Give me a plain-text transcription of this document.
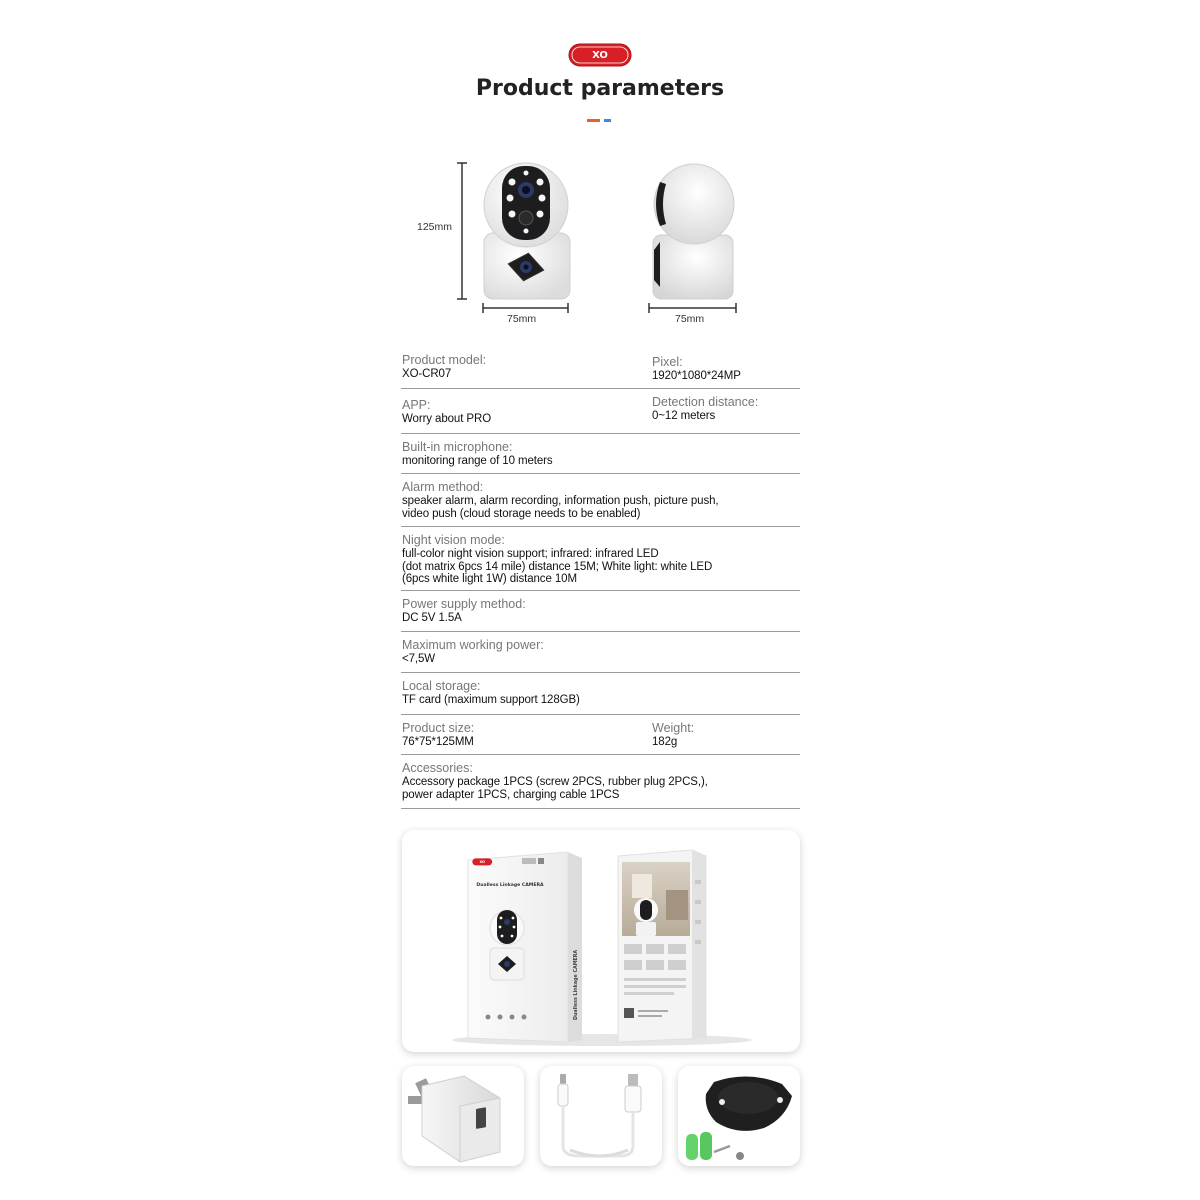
XO
Product parameters
125mm
75mm	75mm
Product model:
XO-CR07
Pixel:
1920*1080*24MP
APP:
Worry about PRO
Detection distance:
0~12 meters
Built-in microphone:
monitoring range of 10 meters
Alarm method:
speaker alarm, alarm recording, information push, picture push,
video push (cloud storage needs to be enabled)
Night vision mode:
full-color night vision support; infrared: infrared LED
(dot matrix 6pcs 14 mile) distance 15M; White light: white LED
(6pcs white light 1W) distance 10M
Power supply method:
DC 5V 1.5A
Maximum working power:
<7,5W
Local storage:
TF card (maximum support 128GB)
Product size:
76*75*125MM
Weight:
182g
Accessories:
Accessory package 1PCS (screw 2PCS, rubber plug 2PCS,),
power adapter 1PCS, charging cable 1PCS
XO
Dualless Linkage CAMERA
Dualless Linkage CAMERA
